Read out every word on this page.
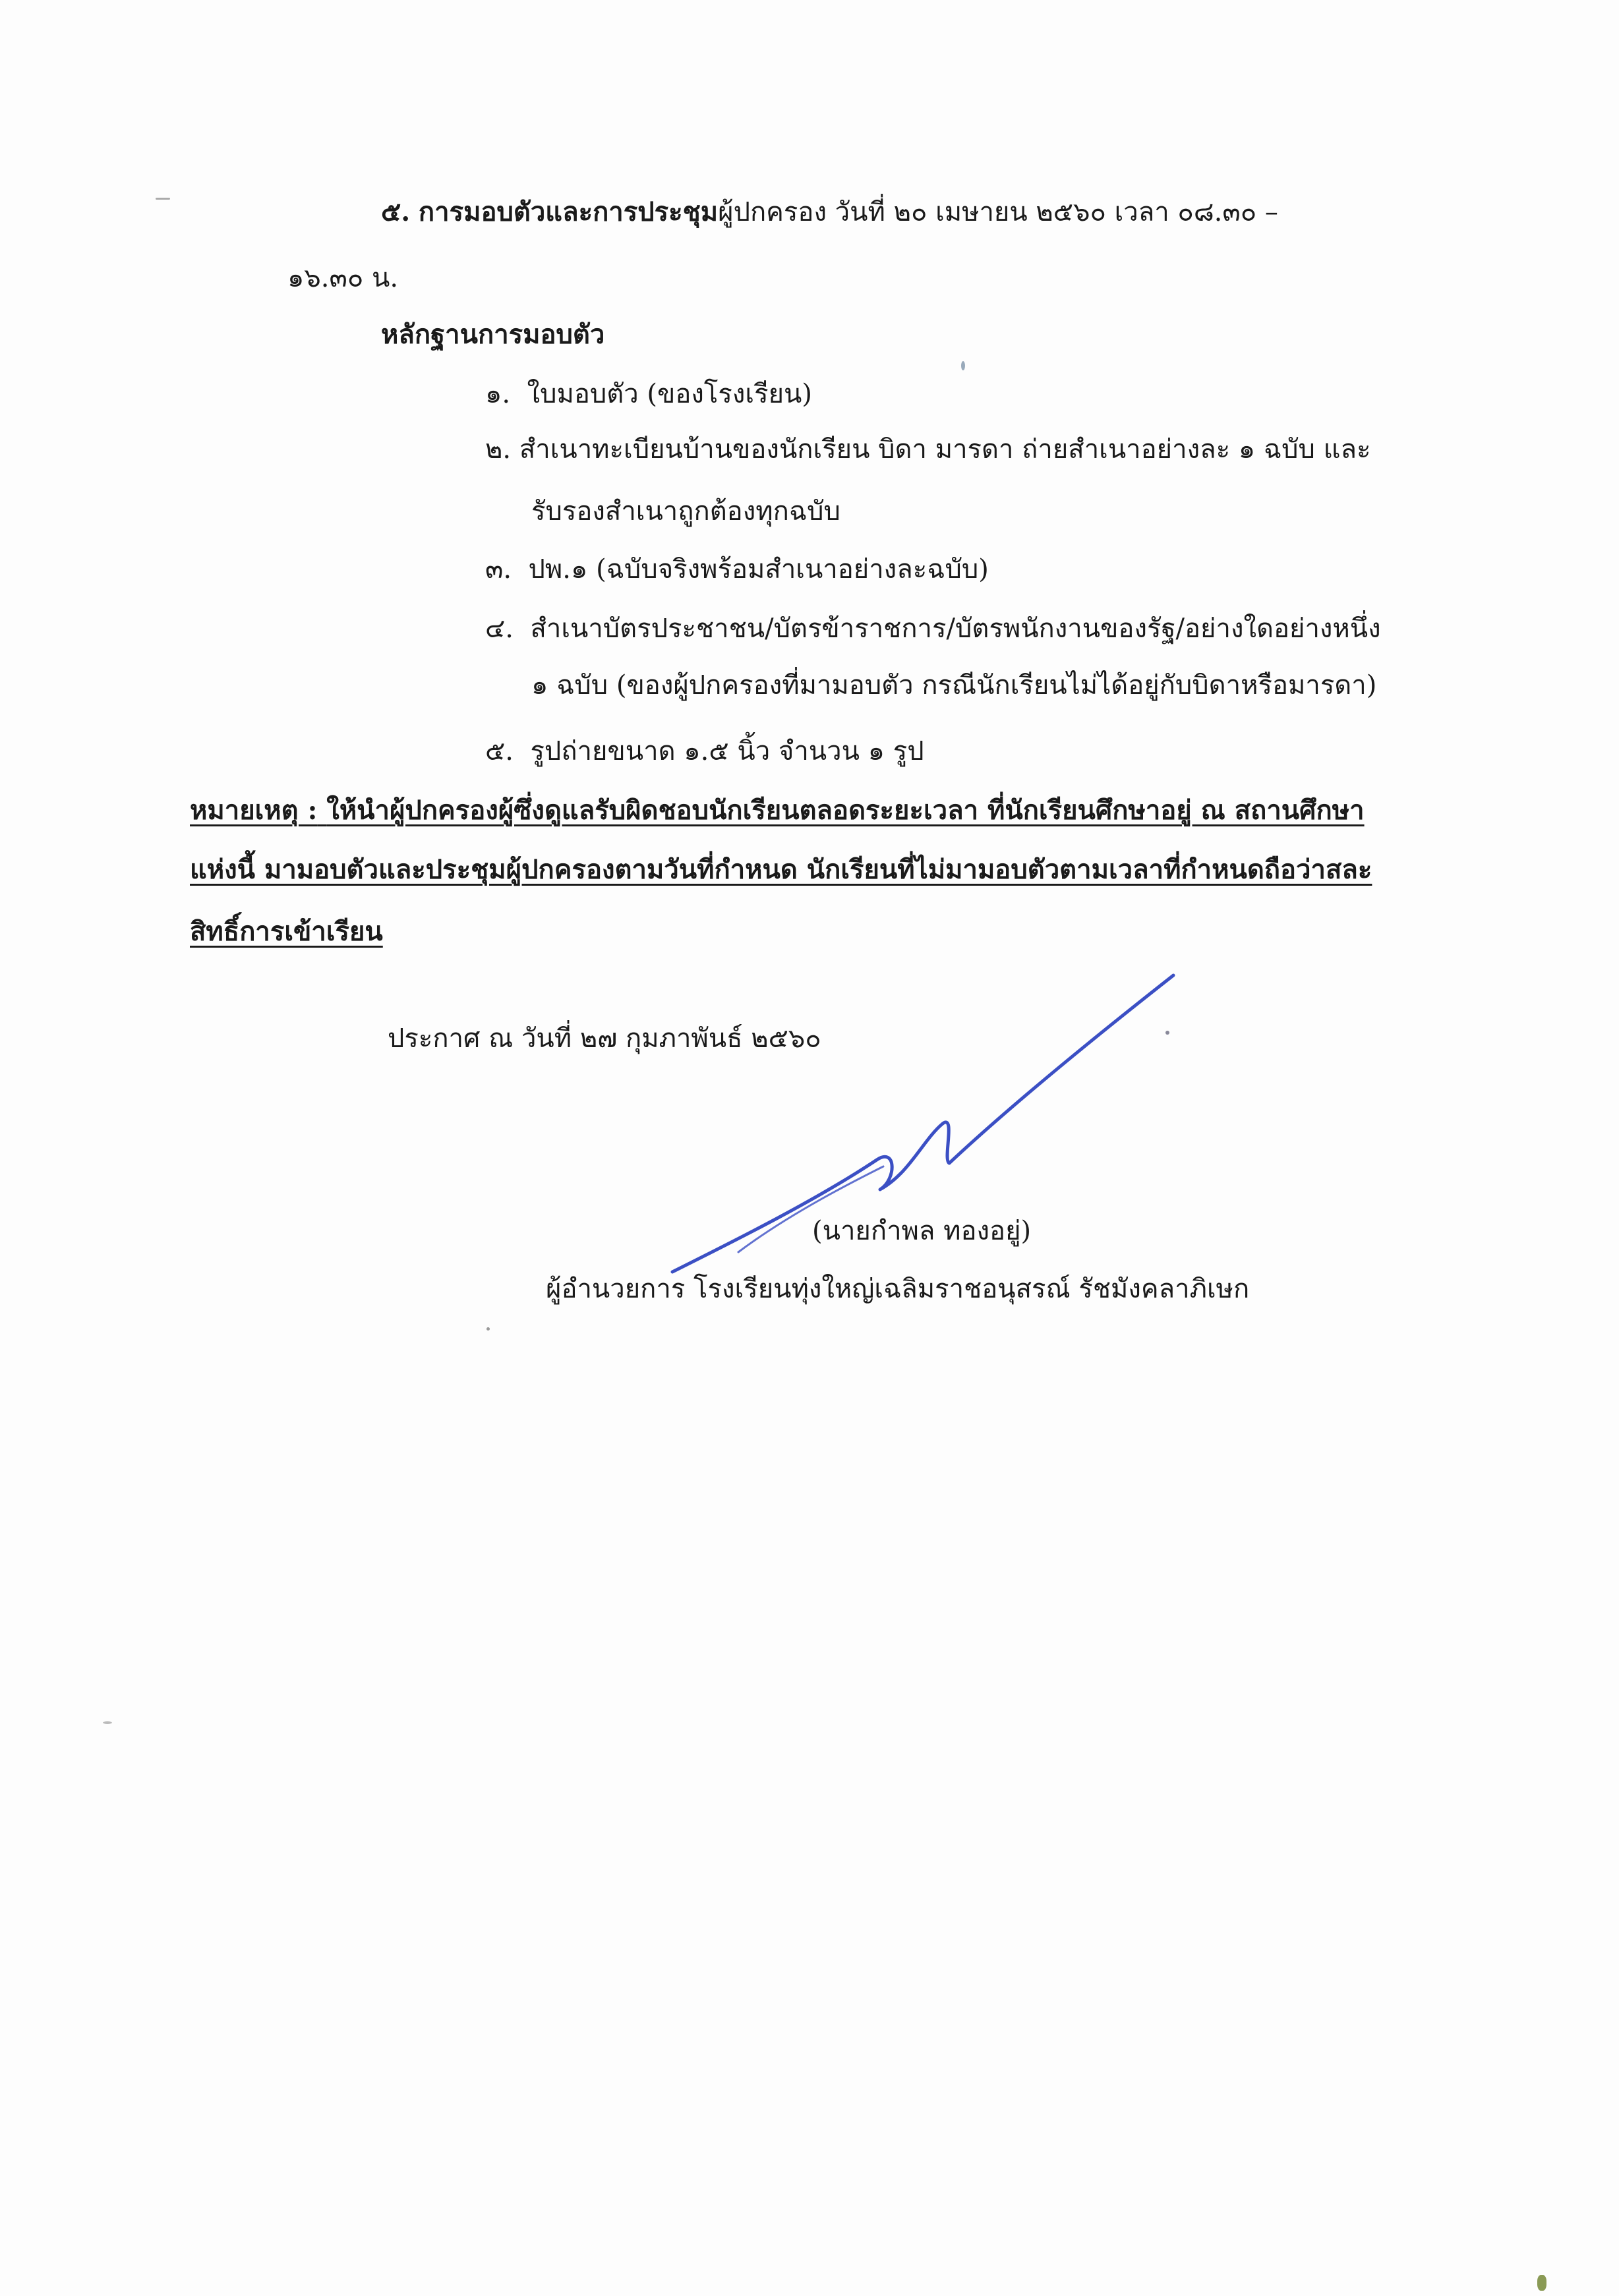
๕. การมอบตัวและการประชุมผู้ปกครอง วันที่ ๒๐ เมษายน ๒๕๖๐ เวลา ๐๘.๓๐ –
๑๖.๓๐ น.
หลักฐานการมอบตัว
๑. ใบมอบตัว (ของโรงเรียน)
๒. สำเนาทะเบียนบ้านของนักเรียน บิดา มารดา ถ่ายสำเนาอย่างละ ๑ ฉบับ และ
รับรองสำเนาถูกต้องทุกฉบับ
๓. ปพ.๑ (ฉบับจริงพร้อมสำเนาอย่างละฉบับ)
๔. สำเนาบัตรประชาชน/บัตรข้าราชการ/บัตรพนักงานของรัฐ/อย่างใดอย่างหนึ่ง
๑ ฉบับ (ของผู้ปกครองที่มามอบตัว กรณีนักเรียนไม่ได้อยู่กับบิดาหรือมารดา)
๕. รูปถ่ายขนาด ๑.๕ นิ้ว จำนวน ๑ รูป
หมายเหตุ : ให้นำผู้ปกครองผู้ซึ่งดูแลรับผิดชอบนักเรียนตลอดระยะเวลา ที่นักเรียนศึกษาอยู่ ณ สถานศึกษา
แห่งนี้ มามอบตัวและประชุมผู้ปกครองตามวันที่กำหนด นักเรียนที่ไม่มามอบตัวตามเวลาที่กำหนดถือว่าสละ
สิทธิ์การเข้าเรียน
ประกาศ ณ วันที่ ๒๗ กุมภาพันธ์ ๒๕๖๐
(นายกำพล ทองอยู่)
ผู้อำนวยการ โรงเรียนทุ่งใหญ่เฉลิมราชอนุสรณ์ รัชมังคลาภิเษก
